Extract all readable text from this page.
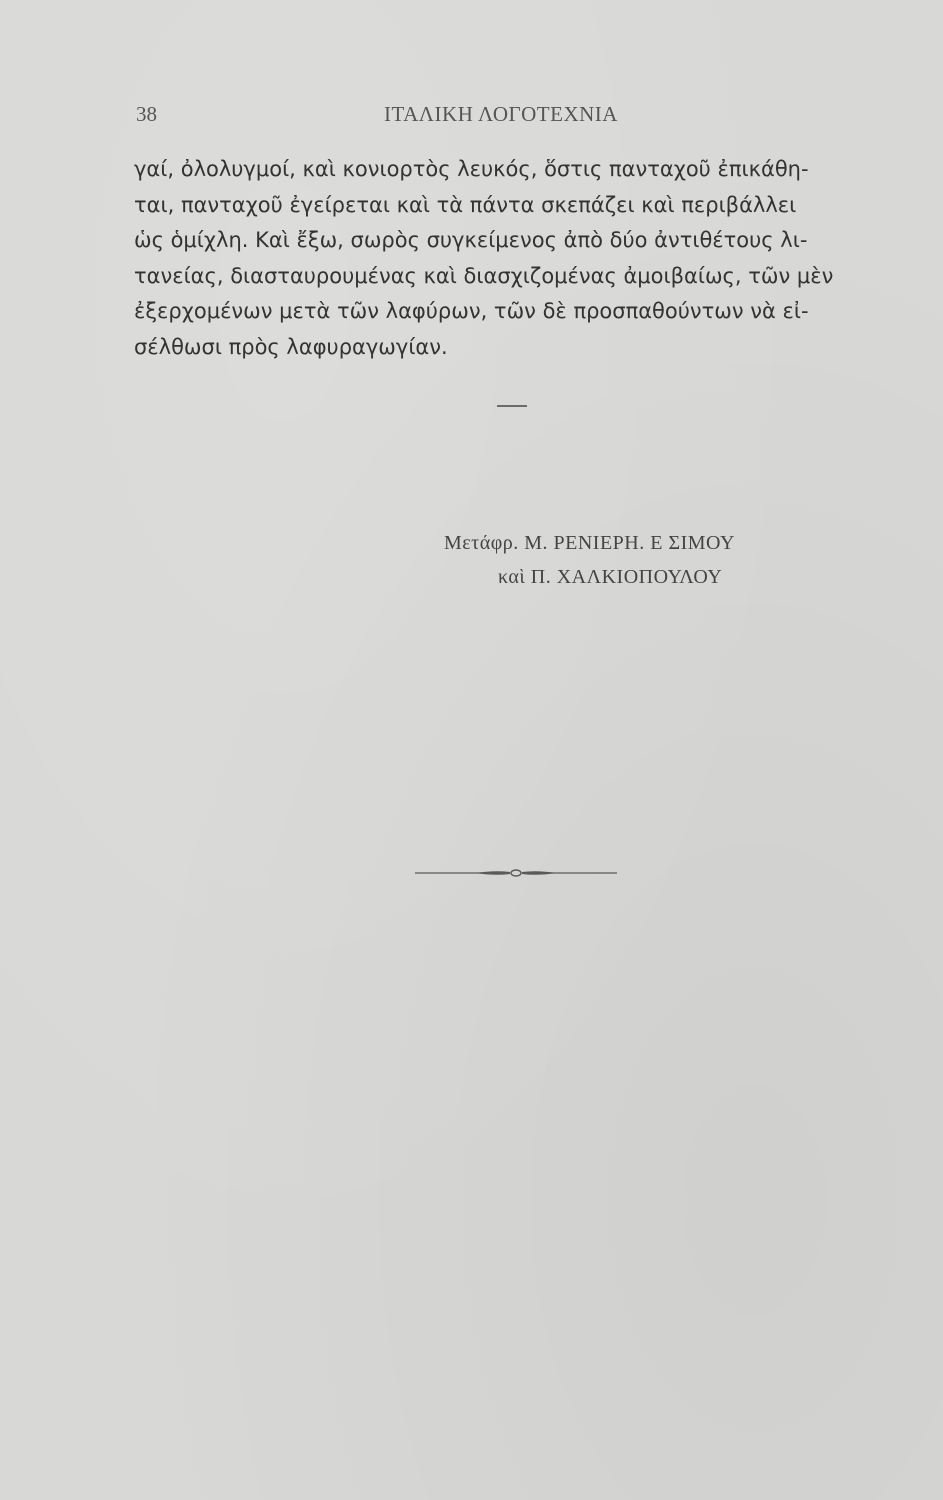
38	ΙΤΑΛΙΚΗ ΛΟΓΟΤΕΧΝΙΑ
γαί, ὀλολυγμοί, καὶ κονιορτὸς λευκός, ὅστις πανταχοῦ ἐπικάθη-
ται, πανταχοῦ ἐγείρεται καὶ τὰ πάντα σκεπάζει καὶ περιβάλλει
ὡς ὁμίχλη. Καὶ ἔξω, σωρὸς συγκείμενος ἀπὸ δύο ἀντιθέτους λι-
τανείας, διασταυρουμένας καὶ διασχιζομένας ἀμοιβαίως, τῶν μὲν
ἐξερχομένων μετὰ τῶν λαφύρων, τῶν δὲ προσπαθούντων νὰ εἰ-
σέλθωσι πρὸς λαφυραγωγίαν.
Μετάφρ. Μ. ΡΕΝΙΕΡΗ. Ε ΣΙΜΟΥ
καὶ Π. ΧΑΛΚΙΟΠΟΥΛΟΥ
